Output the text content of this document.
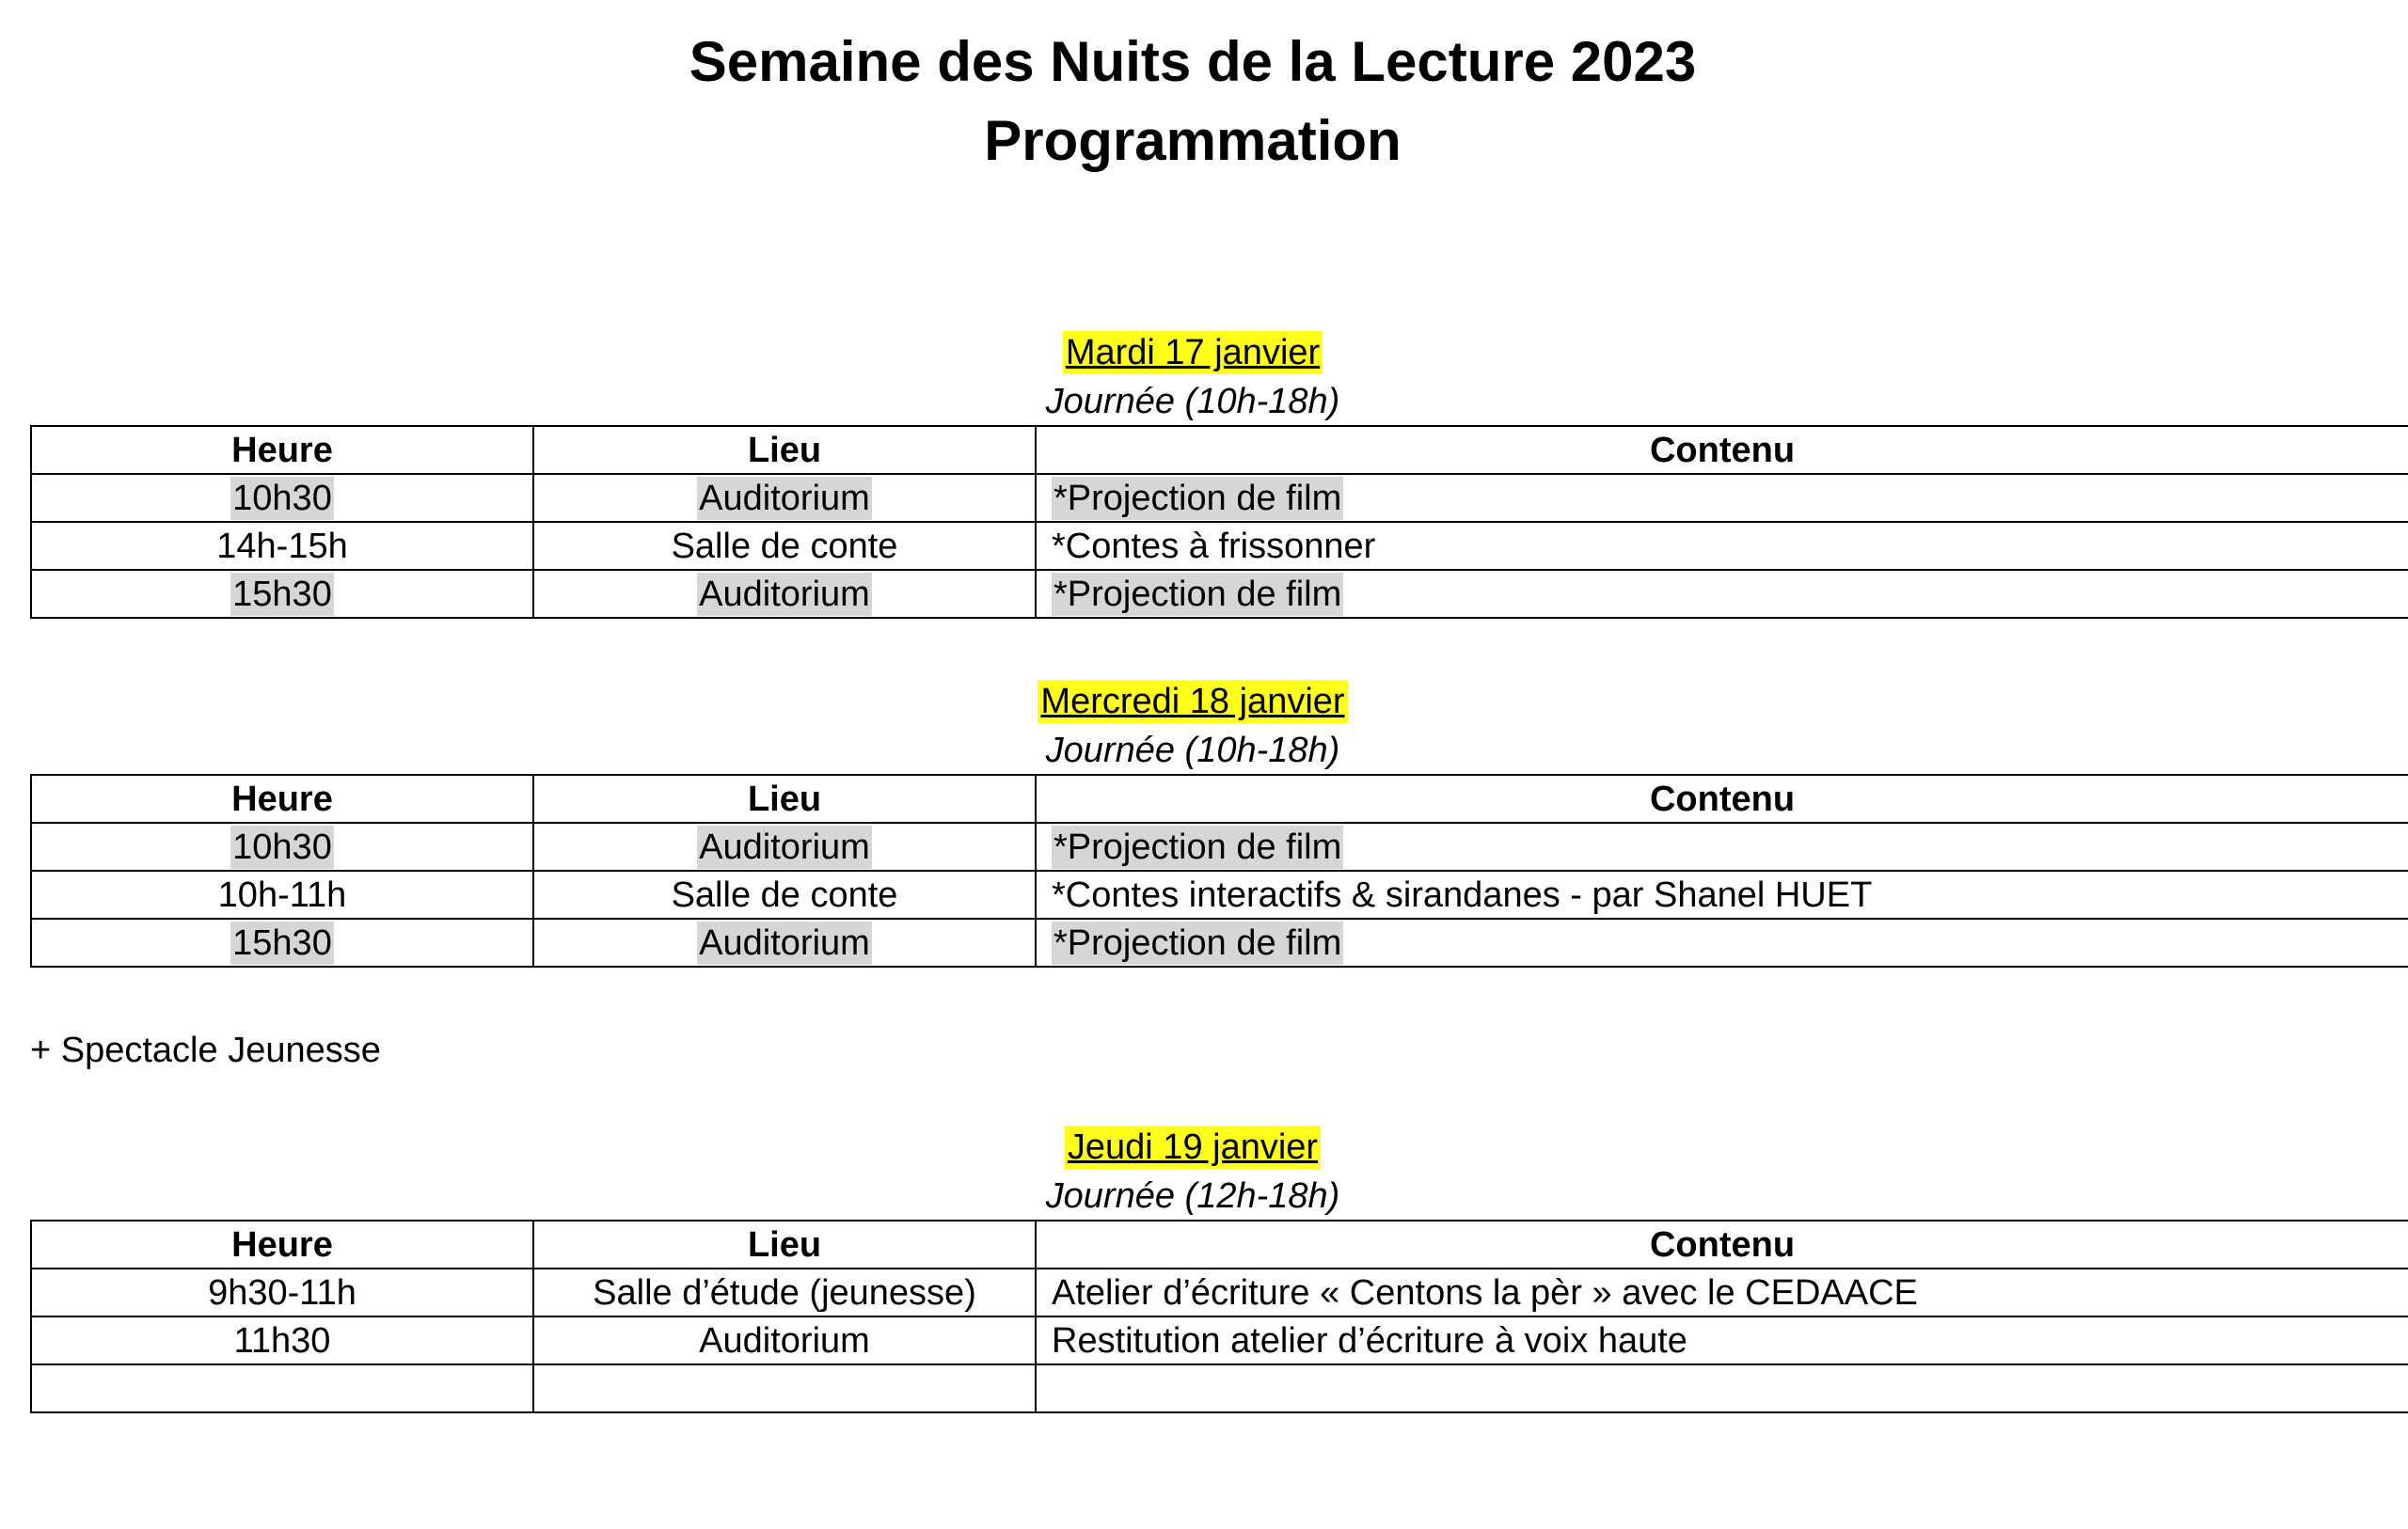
Semaine des Nuits de la Lecture 2023
Programmation
Mardi 17 janvier
Journée (10h-18h)
Heure	Lieu	Contenu
10h30	Auditorium	*Projection de film
14h-15h	Salle de conte	*Contes à frissonner
15h30	Auditorium	*Projection de film
Mercredi 18 janvier
Journée (10h-18h)
Heure	Lieu	Contenu
10h30	Auditorium	*Projection de film
10h-11h	Salle de conte	*Contes interactifs & sirandanes - par Shanel HUET
15h30	Auditorium	*Projection de film
+ Spectacle Jeunesse
Jeudi 19 janvier
Journée (12h-18h)
Heure	Lieu	Contenu
9h30-11h	Salle d’étude (jeunesse)	Atelier d’écriture « Centons la pèr » avec le CEDAACE
11h30	Auditorium	Restitution atelier d’écriture à voix haute
